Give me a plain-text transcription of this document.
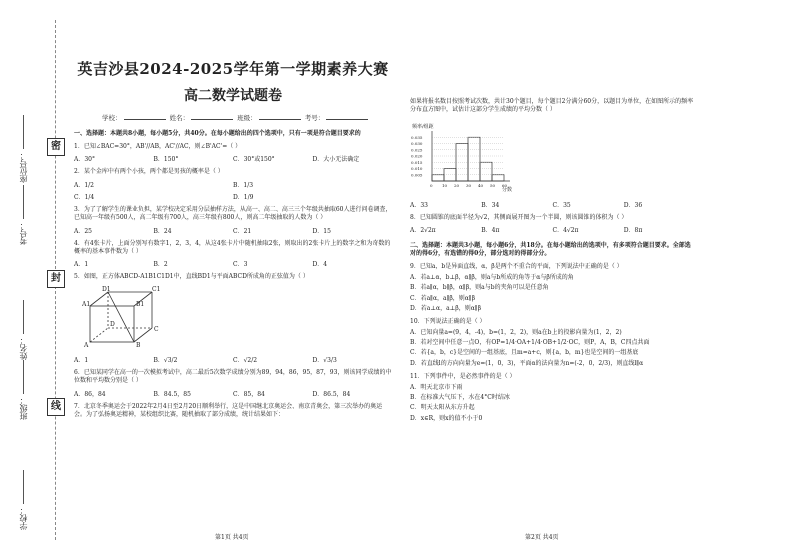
密
封
线
座位号：
考号：
姓名：
班级：
学校：
英吉沙县2024-2025学年第一学期素养大赛
高二数学试题卷
学校：	姓名：	班级：	考号：
一、选择题：本题共8小题，每小题5分，共40分。在每小题给出的四个选项中，只有一项是符合题目要求的
1．已知∠BAC=30°，AB'//AB，AC'//AC，则∠B'AC'=（ ）
A．30°	B．150°	C．30°或150°	D．大小无法确定
2．某个金库中有两个小孩，两个都是男孩的概率是（ ）
A．1/2	B．1/3
C．1/4	D．1/9
3．为了了解学生的课业负担，某学校决定采用分层抽样方法，从高一、高二、高三三个年级共抽取60人进行问卷调查，已知高一年级有500人，高二年级有700人，高三年级有800人，则高二年级抽取的人数为（ ）
A．25	B．24	C．21	D．15
4．有4张卡片，上面分别写有数字1，2，3，4，从这4张卡片中随机抽取2张，则取出的2张卡片上的数字之和为奇数的概率的基本事件数为（ ）
A．1	B．2	C．3	D．4
5．如图，正方体ABCD-A1B1C1D1中，直线BD1与平面ABCD所成角的正弦值为（ ）
D1	C1
A1	B1
D
C
A	B
A．1	B．√3/2	C．√2/2	D．√3/3
6．已知某同学在高一的一次模拟考试中，高二最后5次数学成绩分别为89，94，86，95，87，93，则该同学成绩的中位数和平均数分别是（ ）
A．86，84	B．84.5，85	C．85，84	D．86.5，84
7．北京冬季奥运会于2022年2月4日至2月20日顺利举行，这是中国继北京奥运会、南京青奥会，第三次举办的奥运会。为了弘扬奥运精神，某校组织比赛，随机抽取了部分成绩，统计结果如下：
如果将报名数目按照考试次数，共计30个题目，每个题目2分满分60分，以题目为单位，在如图所示的频率分布直方图中，试估计这部分学生成绩的平均分数（ ）
频率/组距
分数
0 10 20 30 40 50 60
0.035
0.030
0.025
0.020
0.015
0.010
0.005
A．33	B．34	C．35	D．36
8．已知圆锥的底面半径为√2，其侧面展开图为一个半圆，则该圆锥的体积为（ ）
A．2√2π	B．4π	C．4√2π	D．8π
二、选择题：本题共3小题，每小题6分，共18分。在每小题给出的选项中，有多项符合题目要求。全部选对的得6分，有选错的得0分，部分选对的得部分分。
9．已知a，b是异面直线，α，β是两个不重合的平面，下列说法中正确的是（ ）
A．若a⊥α，b⊥β，α∥β，则a与b所成的角等于α与β所成的角
B．若a∥α，b∥β，α∥β，则a与b的夹角可以是任意角
C．若a∥α，a∥β，则α∥β
D．若a⊥α，a⊥β，则α∥β
10．下列说法正确的是（ ）
A．已知向量a=(9，4，-4)，b=(1，2，2)，则a在b上的投影向量为(1，2，2)
B．若对空间中任意一点O，有OP=1/4·OA+1/4·OB+1/2·OC，则P，A，B，C四点共面
C．若{a，b，c}是空间的一组基底，且m=a+c，则{a，b，m}也是空间的一组基底
D．若直线l的方向向量为e=(1，0，3)，平面α的法向量为n=(-2，0，2/3)，则直线l∥α
11．下列事件中，是必然事件的是（ ）
A．明天北京市下雨
B．在标准大气压下，水在4°C时结冰
C．明天太阳从东方升起
D．x∈R，则x的值不小于0
第1页 共4页	第2页 共4页
